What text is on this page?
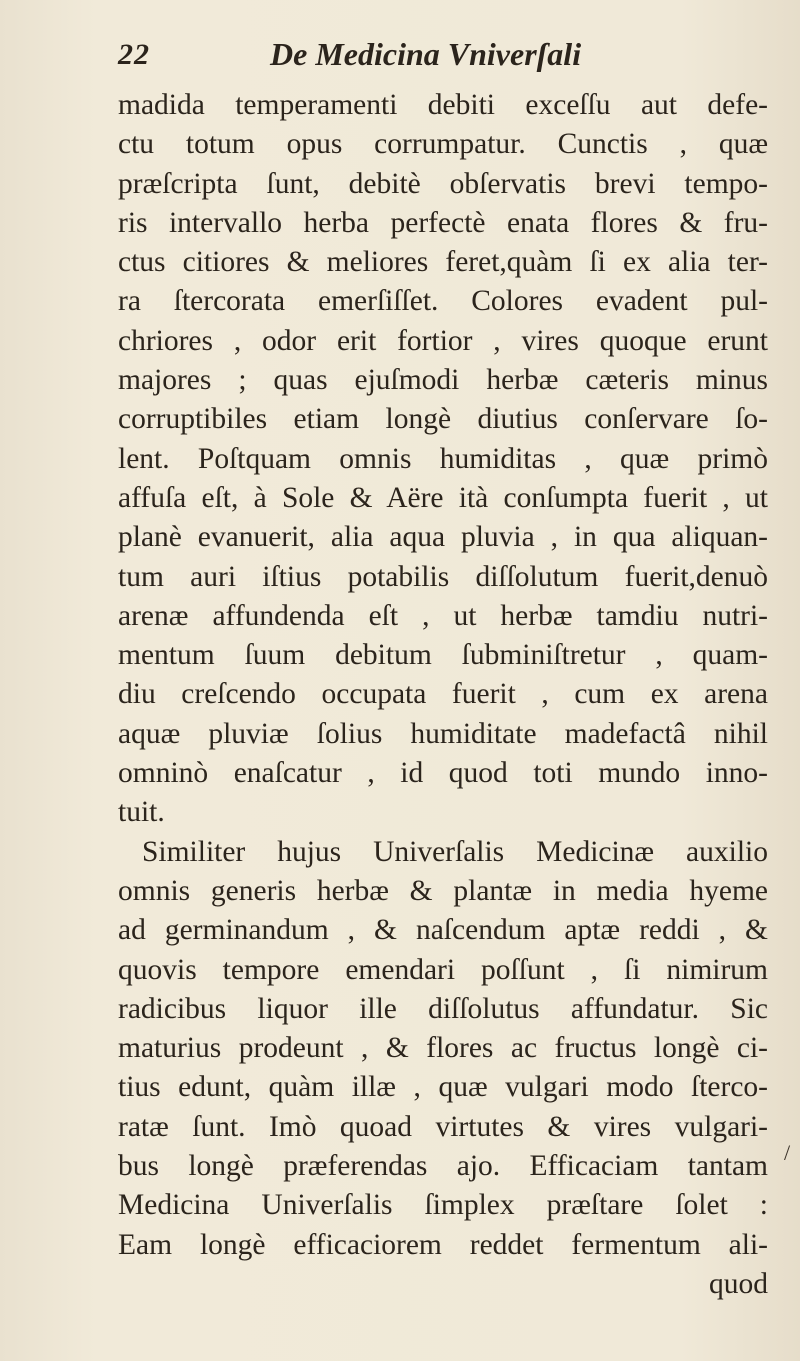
22	De Medicina Vniverſali
madida temperamenti debiti exceſſu aut defe-
ctu totum opus corrumpatur. Cunctis , quæ
præſcripta ſunt, debitè obſervatis brevi tempo-
ris intervallo herba perfectè enata flores & fru-
ctus citiores & meliores feret,quàm ſi ex alia ter-
ra ſtercorata emerſiſſet. Colores evadent pul-
chriores , odor erit fortior , vires quoque erunt
majores ; quas ejuſmodi herbæ cæteris minus
corruptibiles etiam longè diutius conſervare ſo-
lent. Poſtquam omnis humiditas , quæ primò
affuſa eſt, à Sole & Aëre ità conſumpta fuerit , ut
planè evanuerit, alia aqua pluvia , in qua aliquan-
tum auri iſtius potabilis diſſolutum fuerit,denuò
arenæ affundenda eſt , ut herbæ tamdiu nutri-
mentum ſuum debitum ſubminiſtretur , quam-
diu creſcendo occupata fuerit , cum ex arena
aquæ pluviæ ſolius humiditate madefactâ nihil
omninò enaſcatur , id quod toti mundo inno-
tuit.
Similiter hujus Univerſalis Medicinæ auxilio
omnis generis herbæ & plantæ in media hyeme
ad germinandum , & naſcendum aptæ reddi , &
quovis tempore emendari poſſunt , ſi nimirum
radicibus liquor ille diſſolutus affundatur. Sic
maturius prodeunt , & flores ac fructus longè ci-
tius edunt, quàm illæ , quæ vulgari modo ſterco-
ratæ ſunt. Imò quoad virtutes & vires vulgari-
bus longè præferendas ajo. Efficaciam tantam
Medicina Univerſalis ſimplex præſtare ſolet :
Eam longè efficaciorem reddet fermentum ali-
quod
/
